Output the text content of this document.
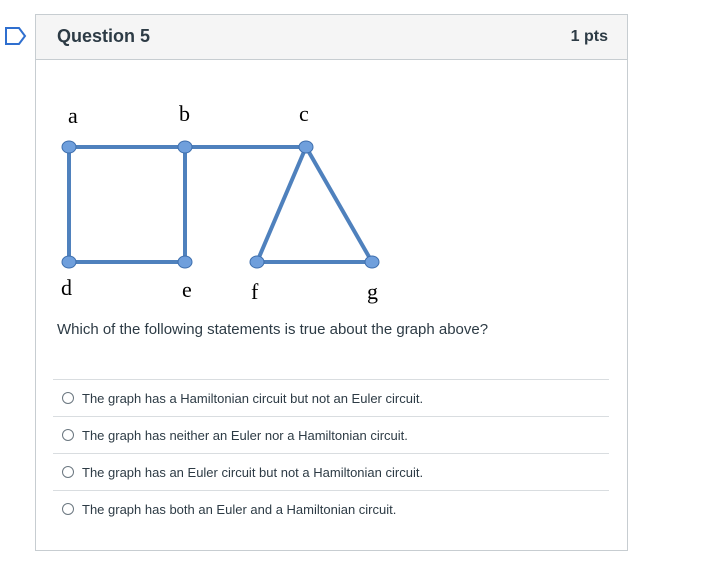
Question 5	1 pts
a	b	c
d	e	f	g
Which of the following statements is true about the graph above?
The graph has a Hamiltonian circuit but not an Euler circuit.
The graph has neither an Euler nor a Hamiltonian circuit.
The graph has an Euler circuit but not a Hamiltonian circuit.
The graph has both an Euler and a Hamiltonian circuit.
